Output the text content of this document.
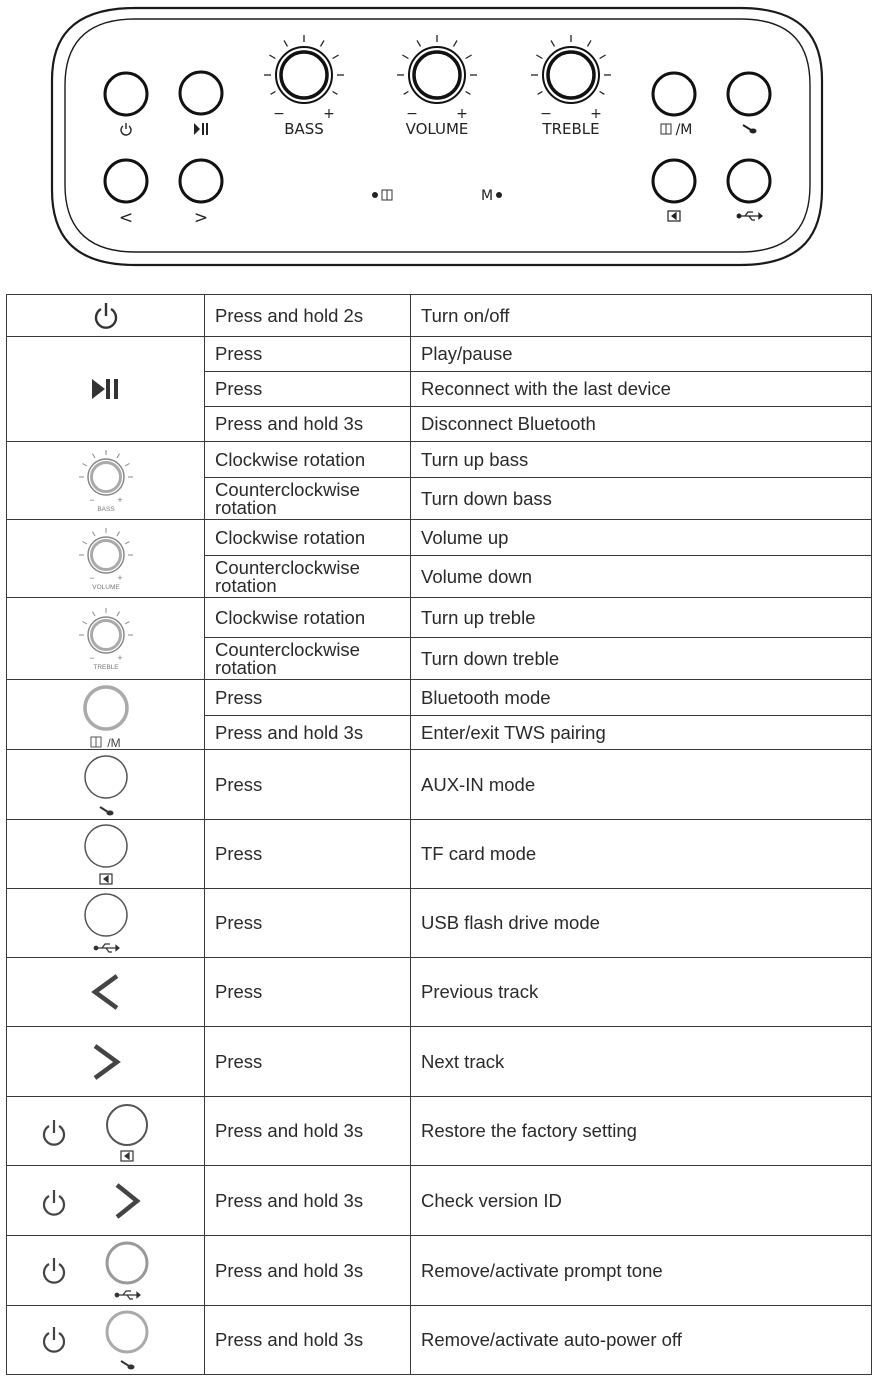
<	>
−	+
BASS
−	+
VOLUME
−	+
TREBLE
M
/M
	Press and hold 2s	Turn on/off

	Press	Play/pause
	Press	Reconnect with the last device
	Press and hold 3s	Disconnect Bluetooth

− +
BASS	Clockwise rotation	Turn up bass

	Counterclockwise rotation	Turn down bass

− +
VOLUME	Clockwise rotation	Volume up

	Counterclockwise rotation	Volume down

− +
TREBLE	Clockwise rotation	Turn up treble

	Counterclockwise rotation	Turn down treble

/M	Press	Bluetooth mode
	Press and hold 3s	Enter/exit TWS pairing

	Press	AUX-IN mode

	Press	TF card mode

	Press	USB flash drive mode

	Press	Previous track

	Press	Next track

	Press and hold 3s	Restore the factory setting

	Press and hold 3s	Check version ID

	Press and hold 3s	Remove/activate prompt tone

	Press and hold 3s	Remove/activate auto-power off
